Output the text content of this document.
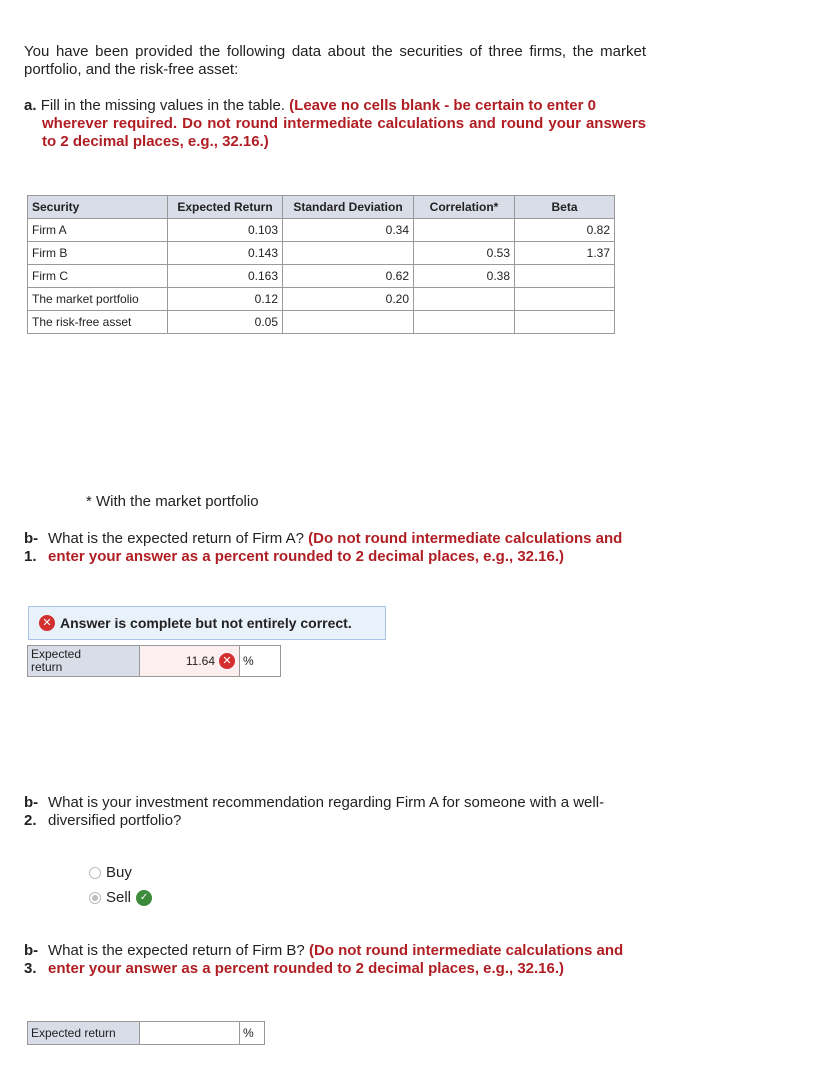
You have been provided the following data about the securities of three firms, the market portfolio, and the risk-free asset:
a. Fill in the missing values in the table. (Leave no cells blank - be certain to enter 0
wherever required. Do not round intermediate calculations and round your answers to 2 decimal places, e.g., 32.16.)
Security	Expected Return	Standard Deviation	Correlation*	Beta
Firm A	0.103	0.34		0.82
Firm B	0.143		0.53	1.37
Firm C	0.163	0.62	0.38	
The market portfolio	0.12	0.20		
The risk-free asset	0.05			
* With the market portfolio
b-
1.
What is the expected return of Firm A? (Do not round intermediate calculations and
enter your answer as a percent rounded to 2 decimal places, e.g., 32.16.)
✕ Answer is complete but not entirely correct.
Expected
return	11.64 ✕ %
b-
2.
What is your investment recommendation regarding Firm A for someone with a well-
diversified portfolio?
Buy
Sell ✓
b-
3.
What is the expected return of Firm B? (Do not round intermediate calculations and
enter your answer as a percent rounded to 2 decimal places, e.g., 32.16.)
Expected return	%
